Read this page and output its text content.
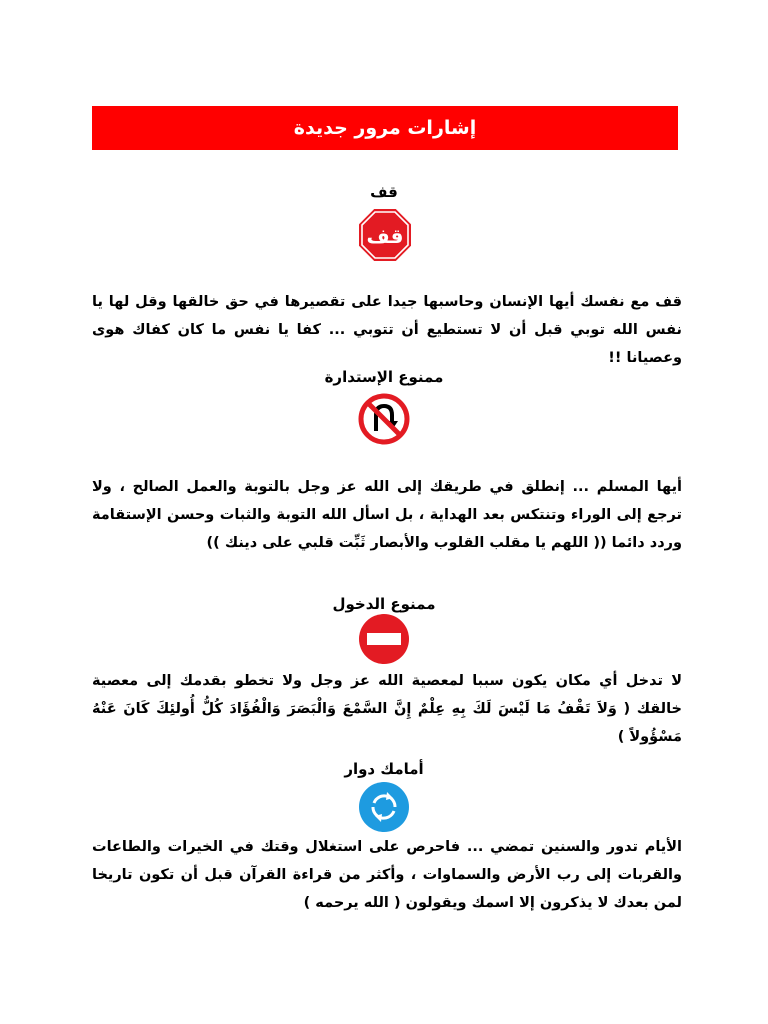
إشارات مرور جديدة
قف
قف
قف مع نفسك أيها الإنسان وحاسبها جيدا على تقصيرها في حق خالقها وقل لها يا نفس الله توبي قبل أن لا تستطيع أن تتوبي ... كفا يا نفس ما كان كفاك هوى وعصيانا !!
ممنوع الإستدارة
أيها المسلم ... إنطلق في طريقك إلى الله عز وجل بالتوبة والعمل الصالح ، ولا ترجع إلى الوراء وتنتكس بعد الهداية ، بل اسأل الله التوبة والثبات وحسن الإستقامة وردد دائما (( اللهم يا مقلب القلوب والأبصار ثَبِّت قلبي على دينك ))
ممنوع الدخول
لا تدخل أي مكان يكون سببا لمعصية الله عز وجل ولا تخطو بقدمك إلى معصية خالقك ( وَلاَ تَقْفُ مَا لَيْسَ لَكَ بِهِ عِلْمٌ إِنَّ السَّمْعَ وَالْبَصَرَ وَالْفُؤَادَ كُلُّ أُولئِكَ كَانَ عَنْهُ مَسْؤُولاً )
أمامك دوار
الأيام تدور والسنين تمضي ... فاحرص على استغلال وقتك في الخيرات والطاعات والقربات إلى رب الأرض والسماوات ، وأكثر من قراءة القرآن قبل أن تكون تاريخا لمن بعدك لا يذكرون إلا اسمك ويقولون ( الله يرحمه )
